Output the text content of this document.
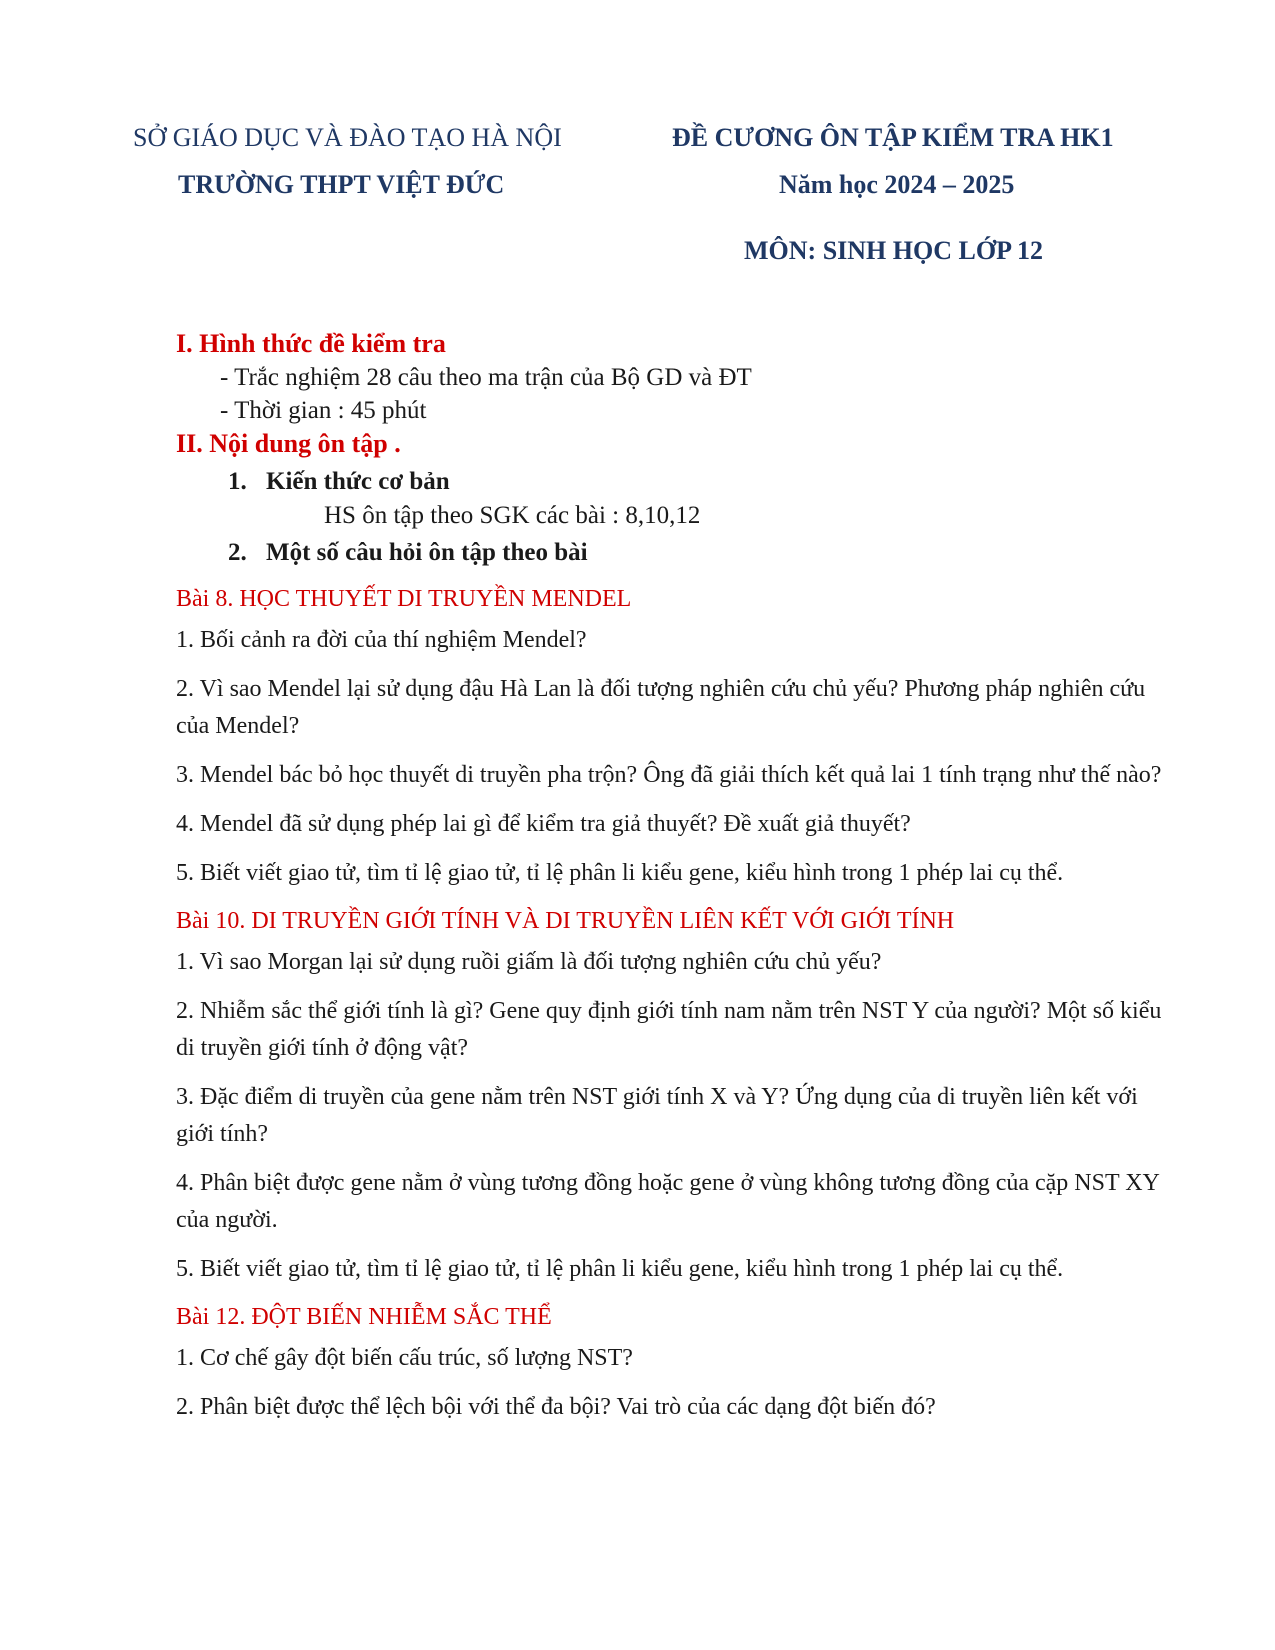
SỞ GIÁO DỤC VÀ ĐÀO TẠO HÀ NỘI
TRƯỜNG THPT VIỆT ĐỨC
ĐỀ CƯƠNG ÔN TẬP KIỂM TRA HK1
Năm học 2024 – 2025
MÔN: SINH HỌC LỚP 12

I. Hình thức đề kiểm tra

- Trắc nghiệm 28 câu theo ma trận của Bộ GD và ĐT

- Thời gian : 45 phút

II. Nội dung ôn tập .

1. Kiến thức cơ bản

HS ôn tập theo SGK các bài : 8,10,12

2. Một số câu hỏi ôn tập theo bài

Bài 8. HỌC THUYẾT DI TRUYỀN MENDEL

1. Bối cảnh ra đời của thí nghiệm Mendel?

2. Vì sao Mendel lại sử dụng đậu Hà Lan là đối tượng nghiên cứu chủ yếu? Phương pháp nghiên cứu của Mendel?

3. Mendel bác bỏ học thuyết di truyền pha trộn? Ông đã giải thích kết quả lai 1 tính trạng như thế nào?

4. Mendel đã sử dụng phép lai gì để kiểm tra giả thuyết? Đề xuất giả thuyết?

5. Biết viết giao tử, tìm tỉ lệ giao tử, tỉ lệ phân li kiểu gene, kiểu hình trong 1 phép lai cụ thể.

Bài 10. DI TRUYỀN GIỚI TÍNH VÀ DI TRUYỀN LIÊN KẾT VỚI GIỚI TÍNH

1. Vì sao Morgan lại sử dụng ruồi giấm là đối tượng nghiên cứu chủ yếu?

2. Nhiễm sắc thể giới tính là gì? Gene quy định giới tính nam nằm trên NST Y của người? Một số kiểu di truyền giới tính ở động vật?

3. Đặc điểm di truyền của gene nằm trên NST giới tính X và Y? Ứng dụng của di truyền liên kết với giới tính?

4. Phân biệt được gene nằm ở vùng tương đồng hoặc gene ở vùng không tương đồng của cặp NST XY của người.

5. Biết viết giao tử, tìm tỉ lệ giao tử, tỉ lệ phân li kiểu gene, kiểu hình trong 1 phép lai cụ thể.

Bài 12. ĐỘT BIẾN NHIỄM SẮC THỂ

1. Cơ chế gây đột biến cấu trúc, số lượng NST?

2. Phân biệt được thể lệch bội với thể đa bội? Vai trò của các dạng đột biến đó?
